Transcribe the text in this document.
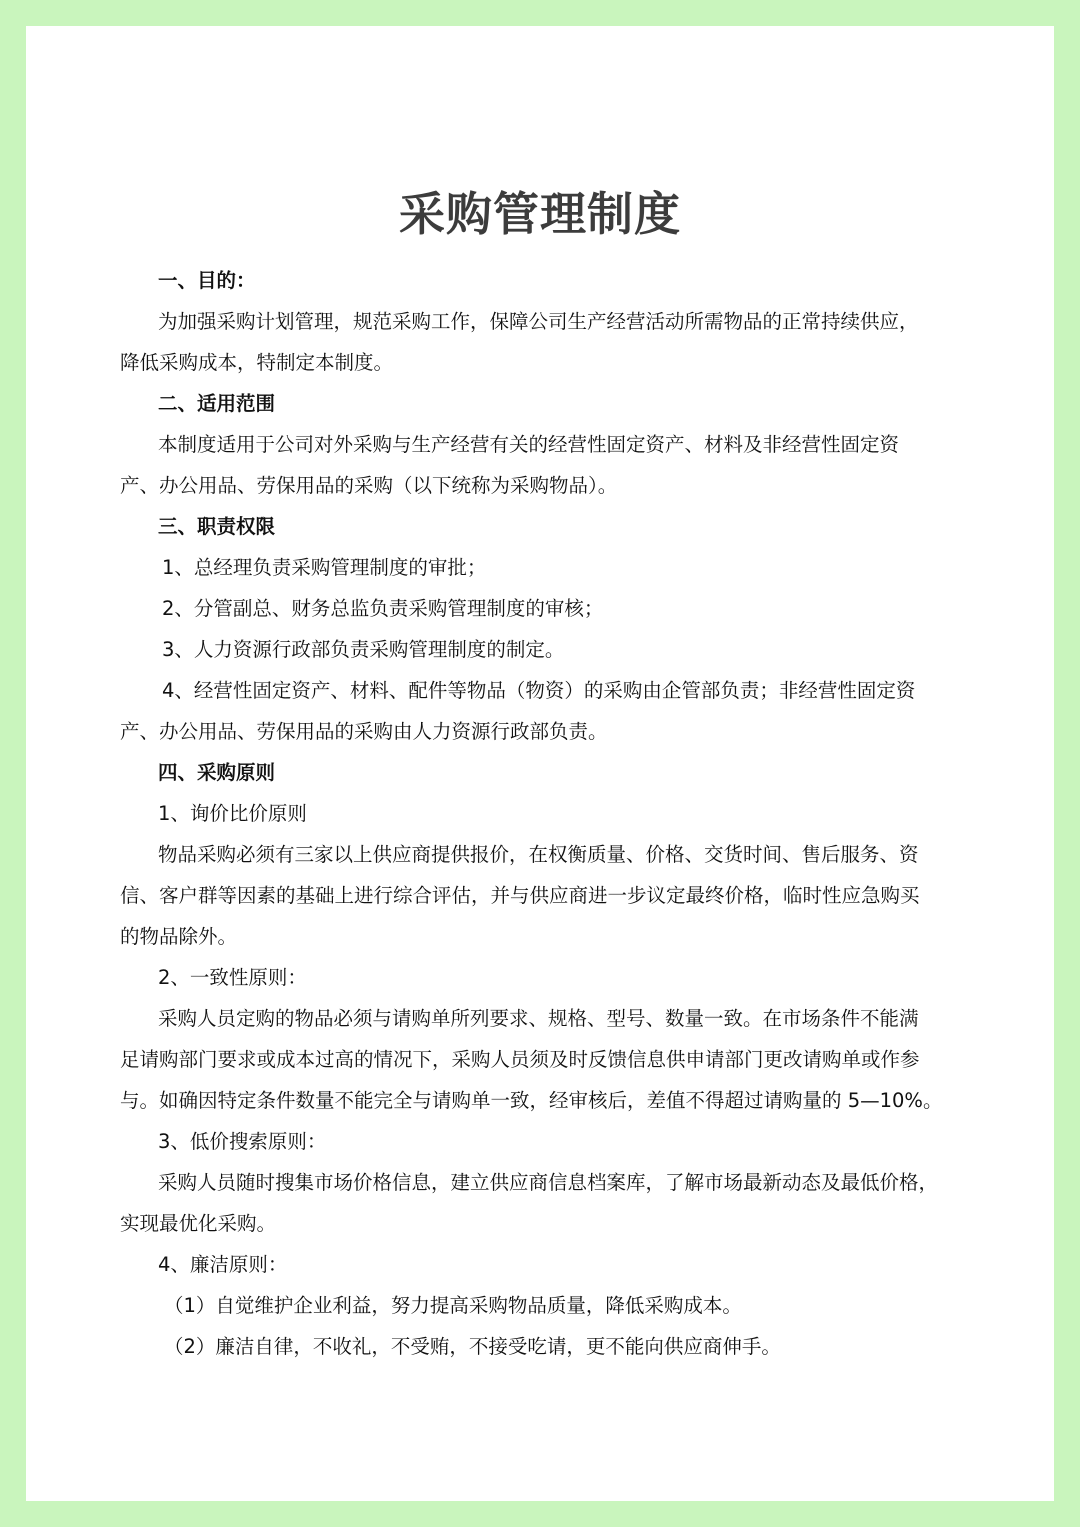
采购管理制度

一、目的：

为加强采购计划管理，规范采购工作，保障公司生产经营活动所需物品的正常持续供应，

降低采购成本，特制定本制度。

二、适用范围

本制度适用于公司对外采购与生产经营有关的经营性固定资产、材料及非经营性固定资

产、办公用品、劳保用品的采购（以下统称为采购物品）。

三、职责权限

1、总经理负责采购管理制度的审批；

2、分管副总、财务总监负责采购管理制度的审核；

3、人力资源行政部负责采购管理制度的制定。

4、经营性固定资产、材料、配件等物品（物资）的采购由企管部负责；非经营性固定资

产、办公用品、劳保用品的采购由人力资源行政部负责。

四、采购原则

1、询价比价原则

物品采购必须有三家以上供应商提供报价，在权衡质量、价格、交货时间、售后服务、资

信、客户群等因素的基础上进行综合评估，并与供应商进一步议定最终价格，临时性应急购买

的物品除外。

2、一致性原则：

采购人员定购的物品必须与请购单所列要求、规格、型号、数量一致。在市场条件不能满

足请购部门要求或成本过高的情况下，采购人员须及时反馈信息供申请部门更改请购单或作参

与。如确因特定条件数量不能完全与请购单一致，经审核后，差值不得超过请购量的 5—10%。

3、低价搜索原则：

采购人员随时搜集市场价格信息，建立供应商信息档案库，了解市场最新动态及最低价格，

实现最优化采购。

4、廉洁原则：

（1）自觉维护企业利益，努力提高采购物品质量，降低采购成本。

（2）廉洁自律，不收礼，不受贿，不接受吃请，更不能向供应商伸手。
